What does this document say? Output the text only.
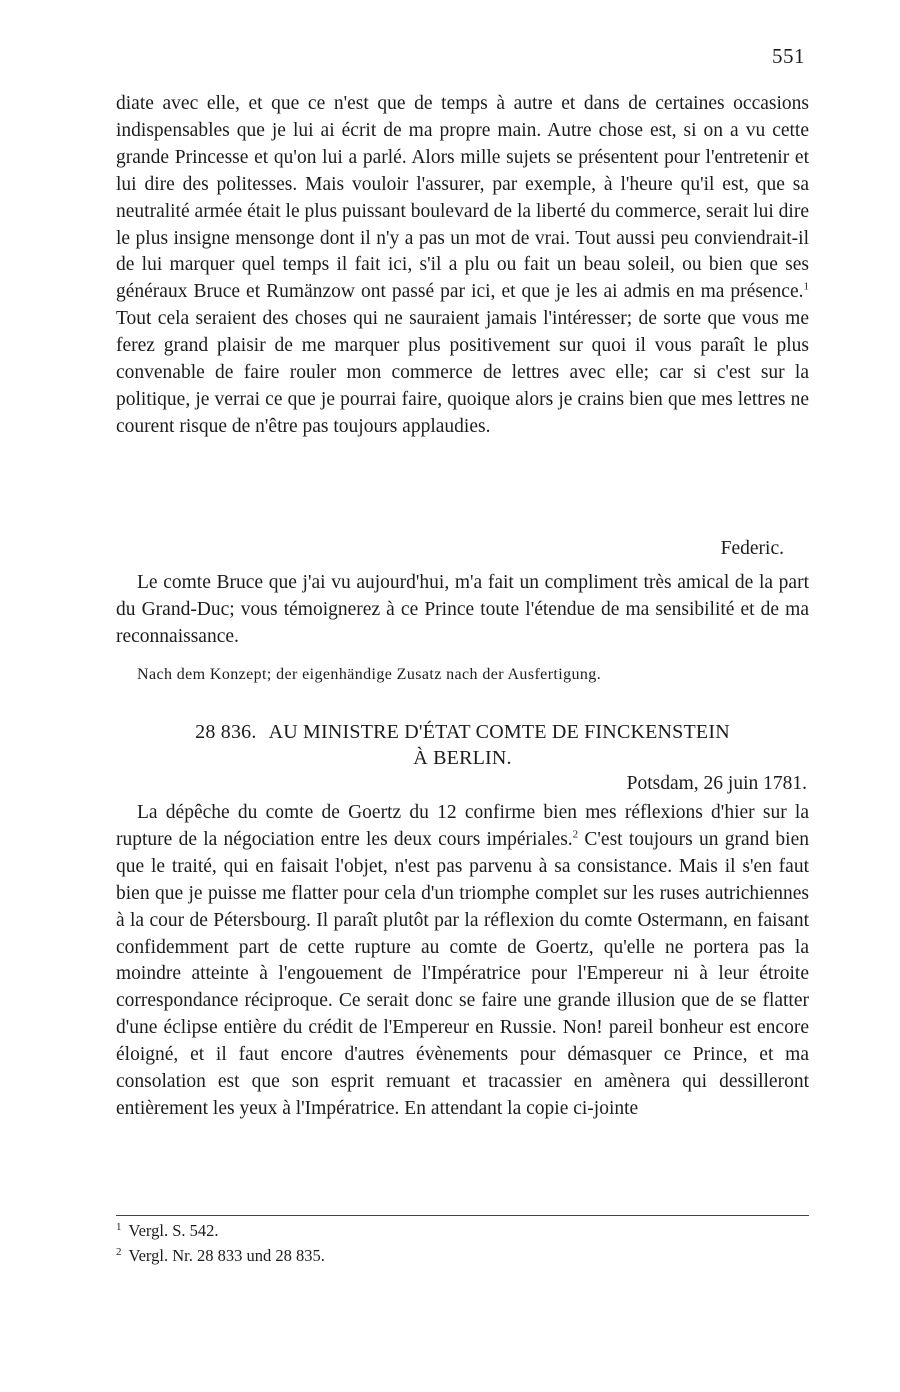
551
diate avec elle, et que ce n'est que de temps à autre et dans de certaines occasions indispensables que je lui ai écrit de ma propre main. Autre chose est, si on a vu cette grande Princesse et qu'on lui a parlé. Alors mille sujets se présentent pour l'entretenir et lui dire des politesses. Mais vouloir l'assurer, par exemple, à l'heure qu'il est, que sa neutralité armée était le plus puissant boulevard de la liberté du commerce, serait lui dire le plus insigne mensonge dont il n'y a pas un mot de vrai. Tout aussi peu conviendrait-il de lui marquer quel temps il fait ici, s'il a plu ou fait un beau soleil, ou bien que ses généraux Bruce et Rumänzow ont passé par ici, et que je les ai admis en ma présence.$^1$ Tout cela seraient des choses qui ne sauraient jamais l'intéresser; de sorte que vous me ferez grand plaisir de me marquer plus positivement sur quoi il vous paraît le plus convenable de faire rouler mon commerce de lettres avec elle; car si c'est sur la politique, je verrai ce que je pourrai faire, quoique alors je crains bien que mes lettres ne courent risque de n'être pas toujours applaudies.
Federic.
Le comte Bruce que j'ai vu aujourd'hui, m'a fait un compliment très amical de la part du Grand-Duc; vous témoignerez à ce Prince toute l'étendue de ma sensibilité et de ma reconnaissance.
Nach dem Konzept; der eigenhändige Zusatz nach der Ausfertigung.
28 836. AU MINISTRE D'ÉTAT COMTE DE FINCKENSTEIN
À BERLIN.
Potsdam, 26 juin 1781.
La dépêche du comte de Goertz du 12 confirme bien mes réflexions d'hier sur la rupture de la négociation entre les deux cours impériales.$^2$ C'est toujours un grand bien que le traité, qui en faisait l'objet, n'est pas parvenu à sa consistance. Mais il s'en faut bien que je puisse me flatter pour cela d'un triomphe complet sur les ruses autrichiennes à la cour de Pétersbourg. Il paraît plutôt par la réflexion du comte Ostermann, en faisant confidemment part de cette rupture au comte de Goertz, qu'elle ne portera pas la moindre atteinte à l'engouement de l'Impératrice pour l'Empereur ni à leur étroite correspondance réciproque. Ce serait donc se faire une grande illusion que de se flatter d'une éclipse entière du crédit de l'Empereur en Russie. Non! pareil bonheur est encore éloigné, et il faut encore d'autres évènements pour démasquer ce Prince, et ma consolation est que son esprit remuant et tracassier en amènera qui dessilleront entièrement les yeux à l'Impératrice. En attendant la copie ci-jointe
$^1$ Vergl. S. 542.
$^2$ Vergl. Nr. 28 833 und 28 835.
